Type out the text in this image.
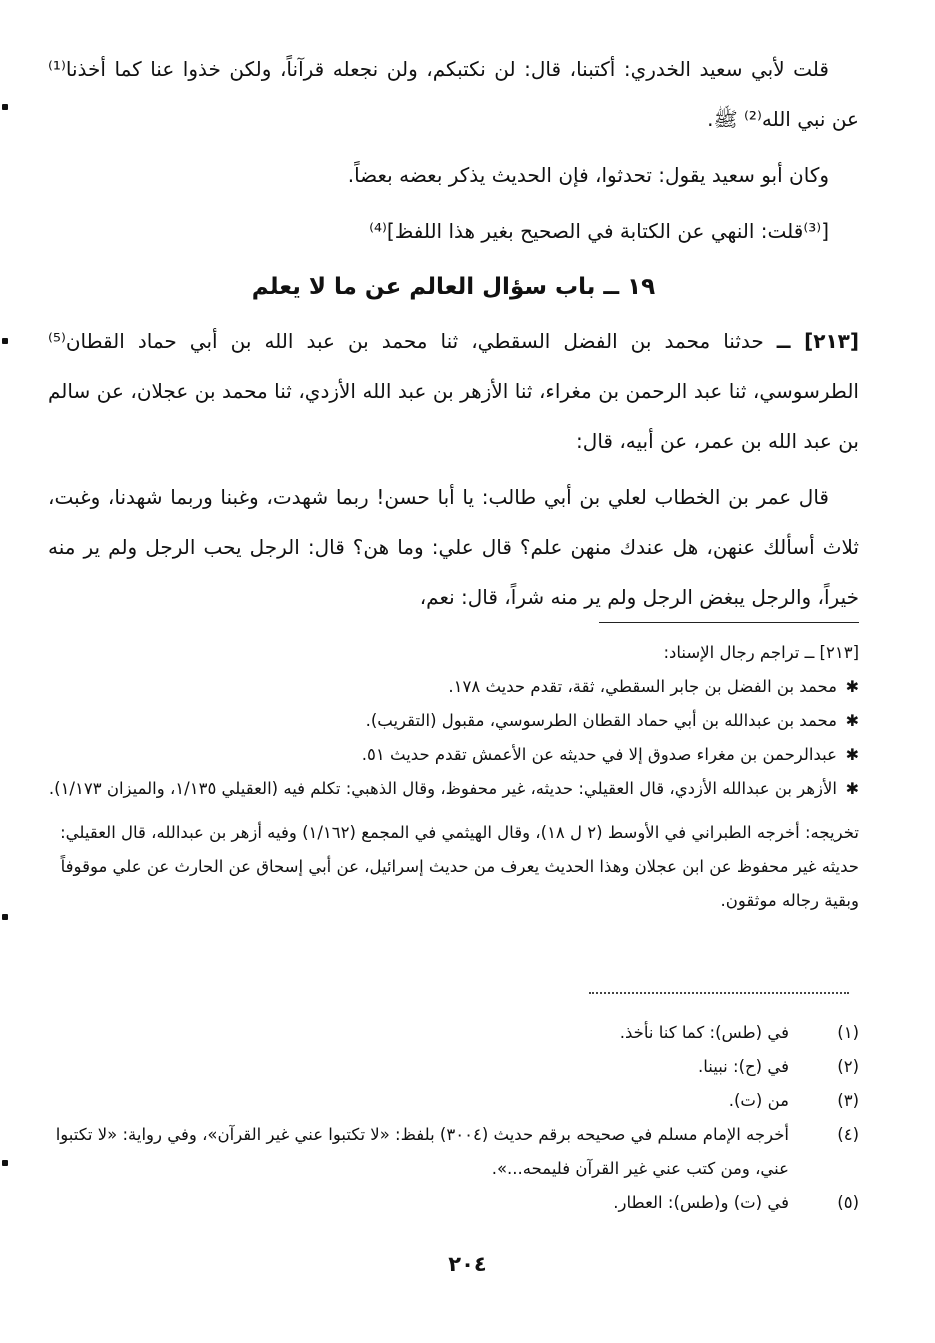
قلت لأبي سعيد الخدري: أكتبنا، قال: لن نكتبكم، ولن نجعله قرآناً، ولكن خذوا عنا كما أخذنا⁽¹⁾ عن نبي الله⁽²⁾ ﷺ.

وكان أبو سعيد يقول: تحدثوا، فإن الحديث يذكر بعضه بعضاً.

[⁽³⁾قلت: النهي عن الكتابة في الصحيح بغير هذا اللفظ]⁽⁴⁾

١٩ ــ باب سؤال العالم عن ما لا يعلم

[٢١٣] ــ حدثنا محمد بن الفضل السقطي، ثنا محمد بن عبد الله بن أبي حماد القطان⁽⁵⁾ الطرسوسي، ثنا عبد الرحمن بن مغراء، ثنا الأزهر بن عبد الله الأزدي، ثنا محمد بن عجلان، عن سالم بن عبد الله بن عمر، عن أبيه، قال:

قال عمر بن الخطاب لعلي بن أبي طالب: يا أبا حسن! ربما شهدت، وغبنا وربما شهدنا، وغبت، ثلاث أسألك عنهن، هل عندك منهن علم؟ قال علي: وما هن؟ قال: الرجل يحب الرجل ولم ير منه خيراً، والرجل يبغض الرجل ولم ير منه شراً، قال: نعم،

[٢١٣] ــ تراجم رجال الإسناد:

✱
محمد بن الفضل بن جابر السقطي، ثقة، تقدم حديث ١٧٨.
✱
محمد بن عبدالله بن أبي حماد القطان الطرسوسي، مقبول (التقريب).
✱
عبدالرحمن بن مغراء صدوق إلا في حديثه عن الأعمش تقدم حديث ٥١.
✱
الأزهر بن عبدالله الأزدي، قال العقيلي: حديثه، غير محفوظ، وقال الذهبي: تكلم فيه (العقيلي ١/١٣٥، والميزان ١/١٧٣).

تخريجه: أخرجه الطبراني في الأوسط (٢ ل ١٨)، وقال الهيثمي في المجمع (١/١٦٢) وفيه أزهر بن عبدالله، قال العقيلي: حديثه غير محفوظ عن ابن عجلان وهذا الحديث يعرف من حديث إسرائيل، عن أبي إسحاق عن الحارث عن علي موقوفاً وبقية رجاله موثقون.

(١)
في (طس): كما كنا نأخذ.
(٢)
في (ح): نبينا.
(٣)
من (ت).
(٤)
أخرجه الإمام مسلم في صحيحه برقم حديث (٣٠٠٤) بلفظ: «لا تكتبوا عني غير القرآن»، وفي رواية: «لا تكتبوا عني، ومن كتب عني غير القرآن فليمحه...».
(٥)
في (ت) و(طس): العطار.
٢٠٤
